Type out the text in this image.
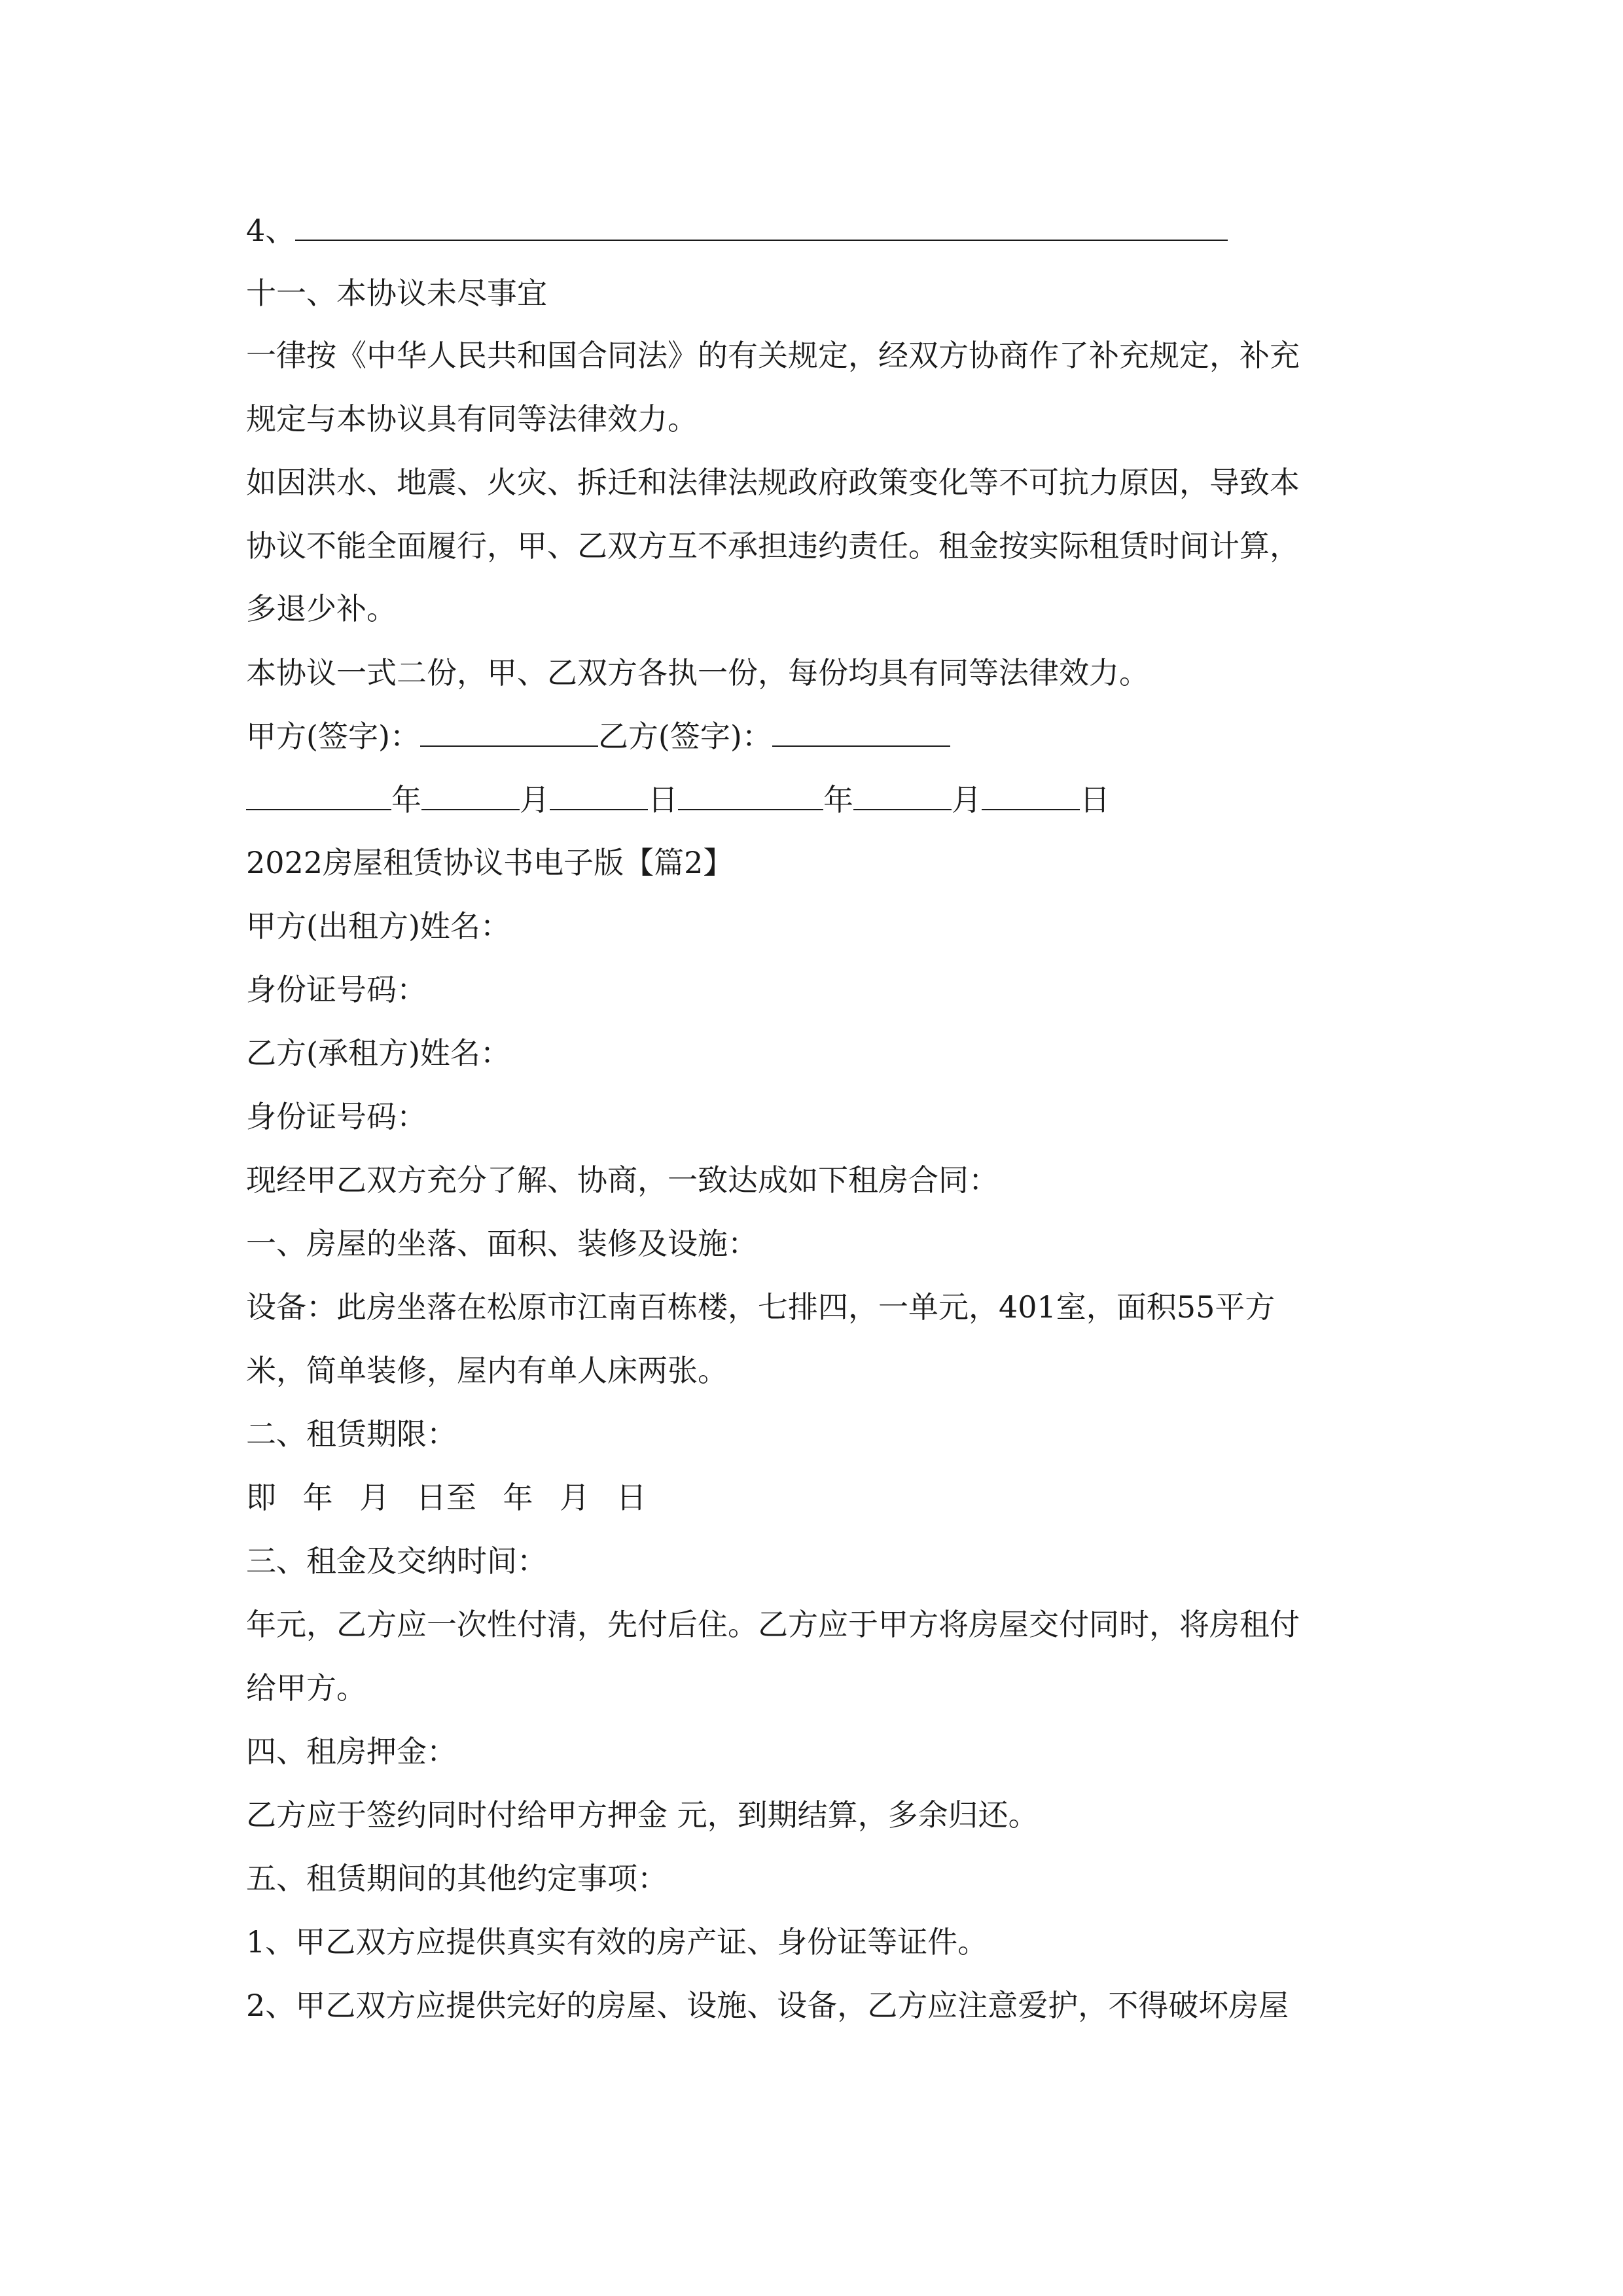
4、
十一、本协议未尽事宜
一律按《中华人民共和国合同法》的有关规定，经双方协商作了补充规定，补充
规定与本协议具有同等法律效力。
如因洪水、地震、火灾、拆迁和法律法规政府政策变化等不可抗力原因，导致本
协议不能全面履行，甲、乙双方互不承担违约责任。租金按实际租赁时间计算，
多退少补。
本协议一式二份，甲、乙双方各执一份，每份均具有同等法律效力。
甲方(签字)：	乙方(签字)：
年	月	日	年	月	日
2022房屋租赁协议书电子版【篇2】
甲方(出租方)姓名：
身份证号码：
乙方(承租方)姓名：
身份证号码：
现经甲乙双方充分了解、协商，一致达成如下租房合同：
一、房屋的坐落、面积、装修及设施：
设备：此房坐落在松原市江南百栋楼，七排四，一单元，401室，面积55平方
米，简单装修，屋内有单人床两张。
二、租赁期限：
即 年 月 日至 年 月 日
三、租金及交纳时间：
年元，乙方应一次性付清，先付后住。乙方应于甲方将房屋交付同时，将房租付
给甲方。
四、租房押金：
乙方应于签约同时付给甲方押金 元，到期结算，多余归还。
五、租赁期间的其他约定事项：
1、甲乙双方应提供真实有效的房产证、身份证等证件。
2、甲乙双方应提供完好的房屋、设施、设备，乙方应注意爱护，不得破坏房屋
